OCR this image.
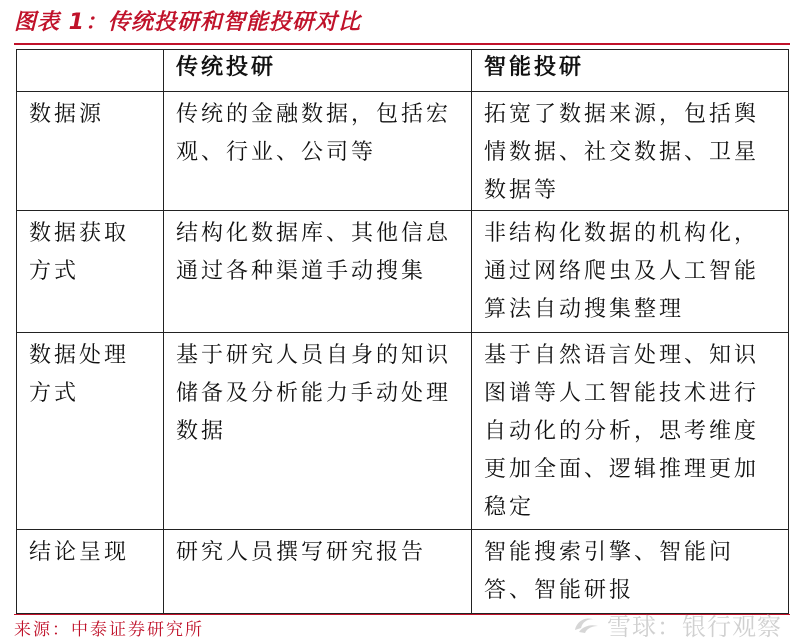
图表 1：传统投研和智能投研对比
	传统投研	智能投研
数据源	传统的金融数据，包括宏观、行业、公司等	拓宽了数据来源，包括舆情数据、社交数据、卫星数据等
数据获取方式	结构化数据库、其他信息通过各种渠道手动搜集	非结构化数据的机构化，通过网络爬虫及人工智能算法自动搜集整理
数据处理方式	基于研究人员自身的知识储备及分析能力手动处理数据	基于自然语言处理、知识图谱等人工智能技术进行自动化的分析，思考维度更加全面、逻辑推理更加稳定
结论呈现	研究人员撰写研究报告	智能搜索引擎、智能问答、智能研报
来源：中泰证券研究所	雪球：银行观察
